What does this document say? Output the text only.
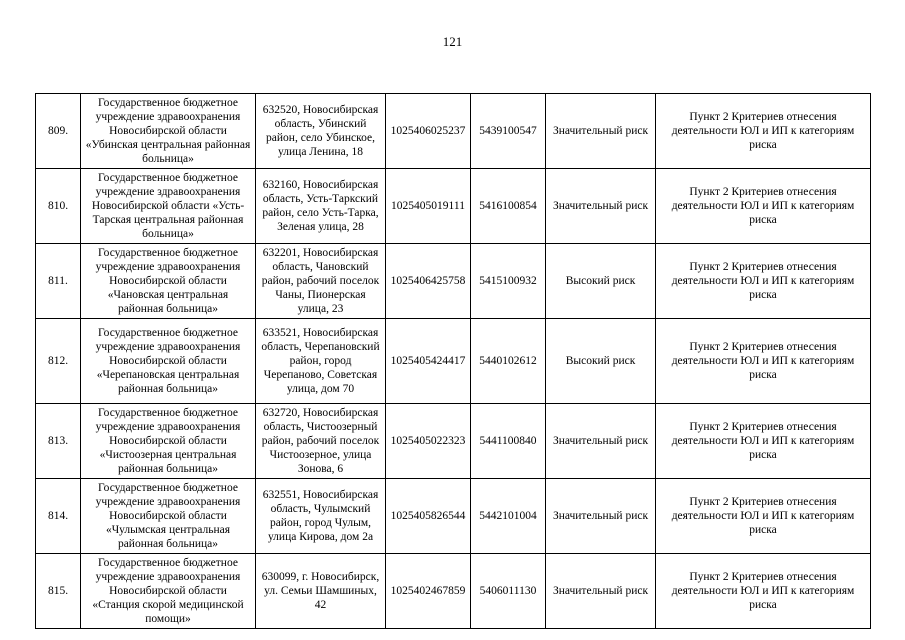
121
809.	Государственное бюджетное учреждение здравоохранения Новосибирской области «Убинская центральная районная больница»	632520, Новосибирская область, Убинский район, село Убинское, улица Ленина, 18	1025406025237	5439100547	Значительный риск	Пункт 2 Критериев отнесения деятельности ЮЛ и ИП к категориям риска
810.	Государственное бюджетное учреждение здравоохранения Новосибирской области «Усть-Тарская центральная районная больница»	632160, Новосибирская область, Усть-Таркский район, село Усть-Тарка, Зеленая улица, 28	1025405019111	5416100854	Значительный риск	Пункт 2 Критериев отнесения деятельности ЮЛ и ИП к категориям риска
811.	Государственное бюджетное учреждение здравоохранения Новосибирской области «Чановская центральная районная больница»	632201, Новосибирская область, Чановский район, рабочий поселок Чаны, Пионерская улица, 23	1025406425758	5415100932	Высокий риск	Пункт 2 Критериев отнесения деятельности ЮЛ и ИП к категориям риска
812.	Государственное бюджетное учреждение здравоохранения Новосибирской области «Черепановская центральная районная больница»	633521, Новосибирская область, Черепановский район, город Черепаново, Советская улица, дом 70	1025405424417	5440102612	Высокий риск	Пункт 2 Критериев отнесения деятельности ЮЛ и ИП к категориям риска
813.	Государственное бюджетное учреждение здравоохранения Новосибирской области «Чистоозерная центральная районная больница»	632720, Новосибирская область, Чистоозерный район, рабочий поселок Чистоозерное, улица Зонова, 6	1025405022323	5441100840	Значительный риск	Пункт 2 Критериев отнесения деятельности ЮЛ и ИП к категориям риска
814.	Государственное бюджетное учреждение здравоохранения Новосибирской области «Чулымская центральная районная больница»	632551, Новосибирская область, Чулымский район, город Чулым, улица Кирова, дом 2а	1025405826544	5442101004	Значительный риск	Пункт 2 Критериев отнесения деятельности ЮЛ и ИП к категориям риска
815.	Государственное бюджетное учреждение здравоохранения Новосибирской области «Станция скорой медицинской помощи»	630099, г. Новосибирск, ул. Семьи Шамшиных, 42	1025402467859	5406011130	Значительный риск	Пункт 2 Критериев отнесения деятельности ЮЛ и ИП к категориям риска
